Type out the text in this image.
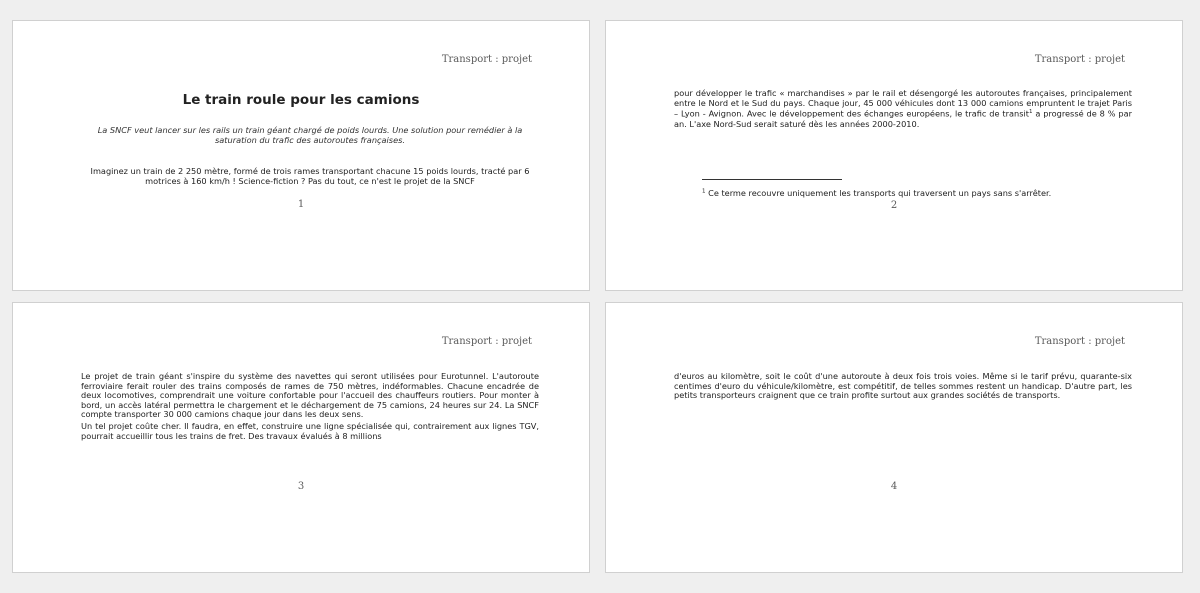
Transport : projet
Le train roule pour les camions
La SNCF veut lancer sur les rails un train géant chargé de poids lourds. Une solution pour remédier à la saturation du trafic des autoroutes françaises.

Imaginez un train de 2 250 mètre, formé de trois rames transportant chacune 15 poids lourds, tracté par 6 motrices à 160 km/h ! Science-fiction ? Pas du tout, ce n'est le projet de la SNCF

1
Transport : projet

pour développer le trafic « marchandises » par le rail et désengorgé les autoroutes françaises, principalement entre le Nord et le Sud du pays. Chaque jour, 45 000 véhicules dont 13 000 camions empruntent le trajet Paris – Lyon - Avignon. Avec le développement des échanges européens, le trafic de transit$^1$ a progressé de 8 % par an. L'axe Nord-Sud serait saturé dès les années 2000-2010.

$^1$ Ce terme recouvre uniquement les transports qui traversent un pays sans s'arrêter.
2
Transport : projet

Le projet de train géant s'inspire du système des navettes qui seront utilisées pour Eurotunnel. L'autoroute ferroviaire ferait rouler des trains composés de rames de 750 mètres, indéformables. Chacune encadrée de deux locomotives, comprendrait une voiture confortable pour l'accueil des chauffeurs routiers. Pour monter à bord, un accès latéral permettra le chargement et le déchargement de 75 camions, 24 heures sur 24. La SNCF compte transporter 30 000 camions chaque jour dans les deux sens.

Un tel projet coûte cher. Il faudra, en effet, construire une ligne spécialisée qui, contrairement aux lignes TGV, pourrait accueillir tous les trains de fret. Des travaux évalués à 8 millions

3
Transport : projet

d'euros au kilomètre, soit le coût d'une autoroute à deux fois trois voies. Même si le tarif prévu, quarante-six centimes d'euro du véhicule/kilomètre, est compétitif, de telles sommes restent un handicap. D'autre part, les petits transporteurs craignent que ce train profite surtout aux grandes sociétés de transports.

4
